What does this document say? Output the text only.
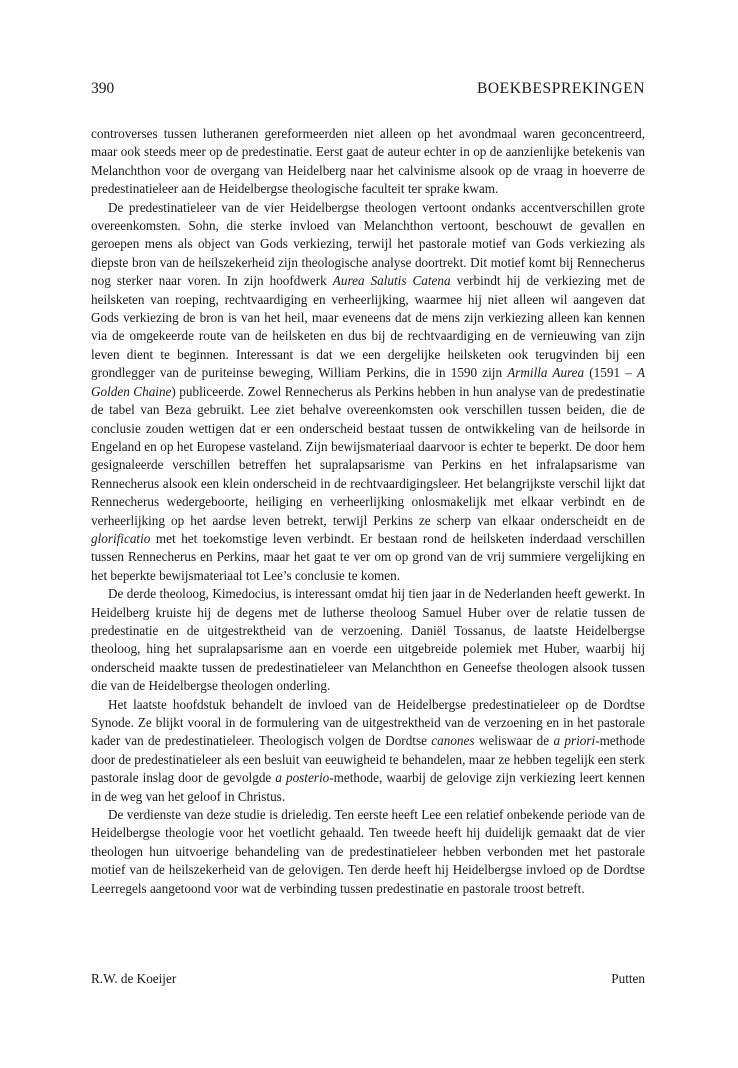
390	BOEKBESPREKINGEN

controverses tussen lutheranen gereformeerden niet alleen op het avondmaal waren geconcentreerd, maar ook steeds meer op de predestinatie. Eerst gaat de auteur echter in op de aanzienlijke betekenis van Melanchthon voor de overgang van Heidelberg naar het calvinisme alsook op de vraag in hoeverre de predestinatieleer aan de Heidelbergse theologische faculteit ter sprake kwam.

De predestinatieleer van de vier Heidelbergse theologen vertoont ondanks accentverschillen grote overeenkomsten. Sohn, die sterke invloed van Melanchthon vertoont, beschouwt de gevallen en geroepen mens als object van Gods verkiezing, terwijl het pastorale motief van Gods verkiezing als diepste bron van de heilszekerheid zijn theologische analyse doortrekt. Dit motief komt bij Rennecherus nog sterker naar voren. In zijn hoofdwerk Aurea Salutis Catena verbindt hij de verkiezing met de heilsketen van roeping, rechtvaardiging en verheerlijking, waarmee hij niet alleen wil aangeven dat Gods verkiezing de bron is van het heil, maar eveneens dat de mens zijn verkiezing alleen kan kennen via de omgekeerde route van de heilsketen en dus bij de rechtvaardiging en de vernieuwing van zijn leven dient te beginnen. Interessant is dat we een dergelijke heilsketen ook terugvinden bij een grondlegger van de puriteinse beweging, William Perkins, die in 1590 zijn Armilla Aurea (1591 – A Golden Chaine) publiceerde. Zowel Rennecherus als Perkins hebben in hun analyse van de predestinatie de tabel van Beza gebruikt. Lee ziet behalve overeenkomsten ook verschillen tussen beiden, die de conclusie zouden wettigen dat er een onderscheid bestaat tussen de ontwikkeling van de heilsorde in Engeland en op het Europese vasteland. Zijn bewijsmateriaal daarvoor is echter te beperkt. De door hem gesignaleerde verschillen betreffen het supralapsarisme van Perkins en het infralapsarisme van Rennecherus alsook een klein onderscheid in de rechtvaardigingsleer. Het belangrijkste verschil lijkt dat Rennecherus wedergeboorte, heiliging en verheerlijking onlosmakelijk met elkaar verbindt en de verheerlijking op het aardse leven betrekt, terwijl Perkins ze scherp van elkaar onderscheidt en de glorificatio met het toekomstige leven verbindt. Er bestaan rond de heilsketen inderdaad verschillen tussen Rennecherus en Perkins, maar het gaat te ver om op grond van de vrij summiere vergelijking en het beperkte bewijsmateriaal tot Lee’s conclusie te komen.

De derde theoloog, Kimedocius, is interessant omdat hij tien jaar in de Nederlanden heeft gewerkt. In Heidelberg kruiste hij de degens met de lutherse theoloog Samuel Huber over de relatie tussen de predestinatie en de uitgestrektheid van de verzoening. Daniël Tossanus, de laatste Heidelbergse theoloog, hing het supralapsarisme aan en voerde een uitgebreide polemiek met Huber, waarbij hij onderscheid maakte tussen de predestinatieleer van Melanchthon en Geneefse theologen alsook tussen die van de Heidelbergse theologen onderling.

Het laatste hoofdstuk behandelt de invloed van de Heidelbergse predestinatieleer op de Dordtse Synode. Ze blijkt vooral in de formulering van de uitgestrektheid van de verzoening en in het pastorale kader van de predestinatieleer. Theologisch volgen de Dordtse canones weliswaar de a priori-methode door de predestinatieleer als een besluit van eeuwigheid te behandelen, maar ze hebben tegelijk een sterk pastorale inslag door de gevolgde a posterio-methode, waarbij de gelovige zijn verkiezing leert kennen in de weg van het geloof in Christus.

De verdienste van deze studie is drieledig. Ten eerste heeft Lee een relatief onbekende periode van de Heidelbergse theologie voor het voetlicht gehaald. Ten tweede heeft hij duidelijk gemaakt dat de vier theologen hun uitvoerige behandeling van de predestinatieleer hebben verbonden met het pastorale motief van de heilszekerheid van de gelovigen. Ten derde heeft hij Heidelbergse invloed op de Dordtse Leerregels aangetoond voor wat de verbinding tussen predestinatie en pastorale troost betreft.

R.W. de Koeijer	Putten
